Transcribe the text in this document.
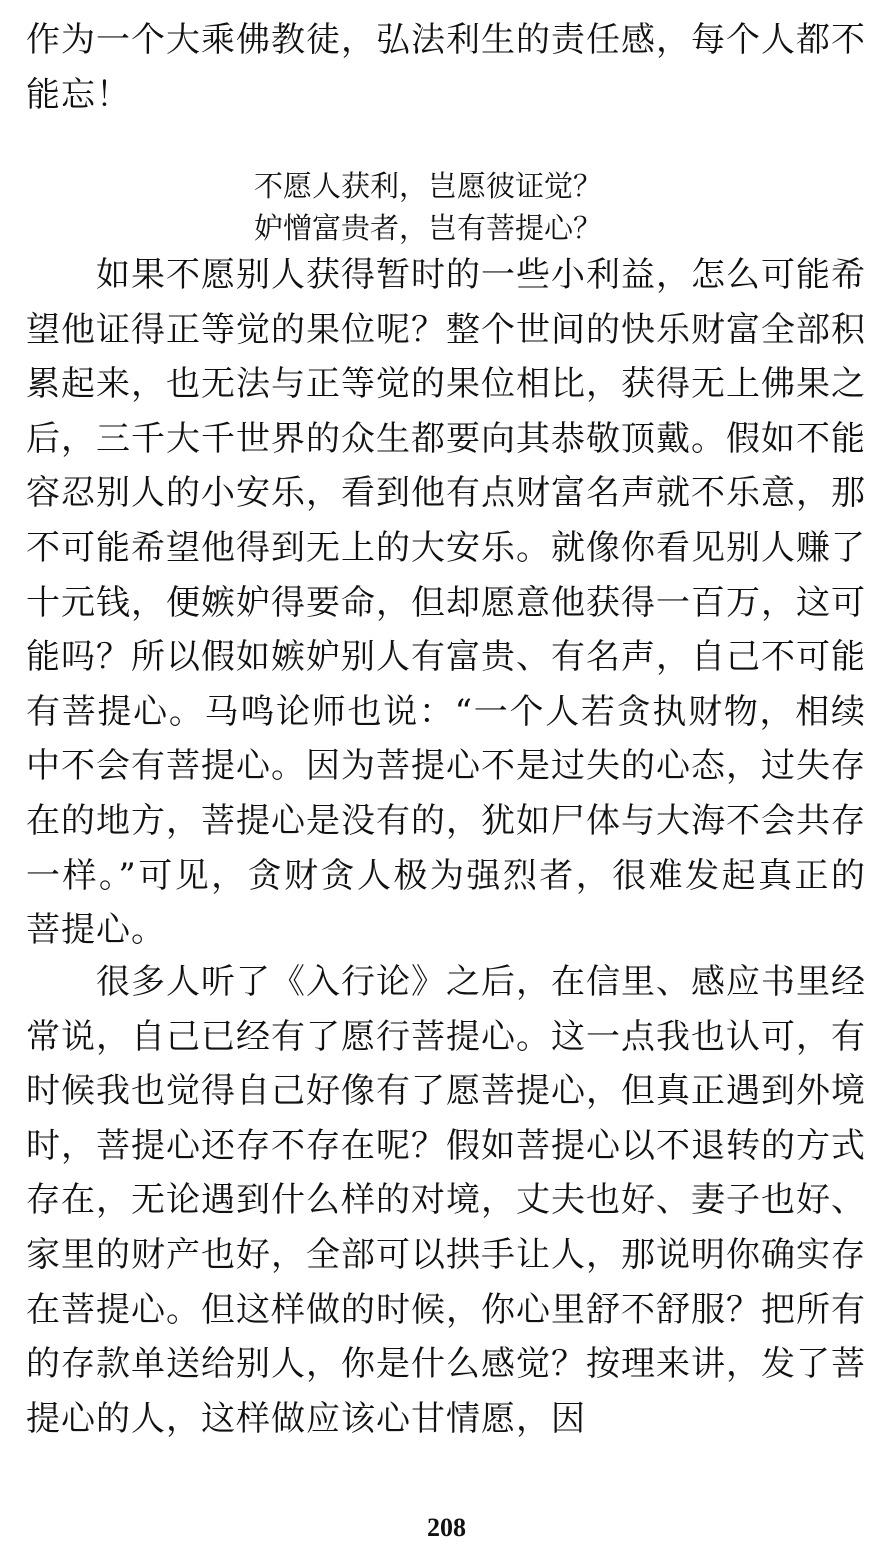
作为一个大乘佛教徒，弘法利生的责任感，每个人都不能忘！

不愿人获利，岂愿彼证觉？

妒憎富贵者，岂有菩提心？

如果不愿别人获得暂时的一些小利益，怎么可能希望他证得正等觉的果位呢？整个世间的快乐财富全部积累起来，也无法与正等觉的果位相比，获得无上佛果之后，三千大千世界的众生都要向其恭敬顶戴。假如不能容忍别人的小安乐，看到他有点财富名声就不乐意，那不可能希望他得到无上的大安乐。就像你看见别人赚了十元钱，便嫉妒得要命，但却愿意他获得一百万，这可能吗？所以假如嫉妒别人有富贵、有名声，自己不可能有菩提心。马鸣论师也说：“一个人若贪执财物，相续中不会有菩提心。因为菩提心不是过失的心态，过失存在的地方，菩提心是没有的，犹如尸体与大海不会共存一样。”可见，贪财贪人极为强烈者，很难发起真正的菩提心。

很多人听了《入行论》之后，在信里、感应书里经常说，自己已经有了愿行菩提心。这一点我也认可，有时候我也觉得自己好像有了愿菩提心，但真正遇到外境时，菩提心还存不存在呢？假如菩提心以不退转的方式存在，无论遇到什么样的对境，丈夫也好、妻子也好、家里的财产也好，全部可以拱手让人，那说明你确实存在菩提心。但这样做的时候，你心里舒不舒服？把所有的存款单送给别人，你是什么感觉？按理来讲，发了菩提心的人，这样做应该心甘情愿，因

208
